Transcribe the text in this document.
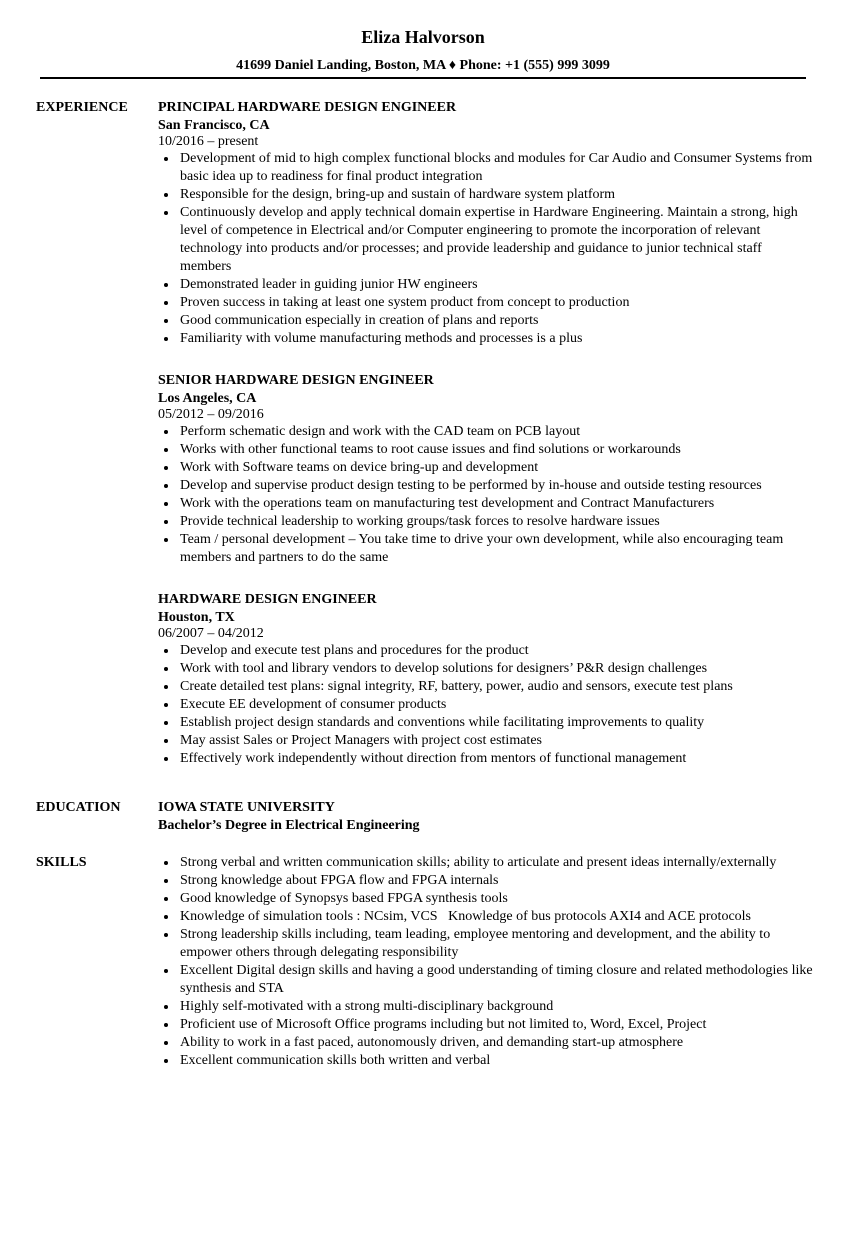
Eliza Halvorson
41699 Daniel Landing, Boston, MA ♦ Phone: +1 (555) 999 3099
EXPERIENCE	PRINCIPAL HARDWARE DESIGN ENGINEER
San Francisco, CA
10/2016 – present
Development of mid to high complex functional blocks and modules for Car Audio and Consumer Systems from basic idea up to readiness for final product integration
Responsible for the design, bring-up and sustain of hardware system platform
Continuously develop and apply technical domain expertise in Hardware Engineering. Maintain a strong, high level of competence in Electrical and/or Computer engineering to promote the incorporation of relevant technology into products and/or processes; and provide leadership and guidance to junior technical staff members
Demonstrated leader in guiding junior HW engineers
Proven success in taking at least one system product from concept to production
Good communication especially in creation of plans and reports
Familiarity with volume manufacturing methods and processes is a plus
SENIOR HARDWARE DESIGN ENGINEER
Los Angeles, CA
05/2012 – 09/2016
Perform schematic design and work with the CAD team on PCB layout
Works with other functional teams to root cause issues and find solutions or workarounds
Work with Software teams on device bring-up and development
Develop and supervise product design testing to be performed by in-house and outside testing resources
Work with the operations team on manufacturing test development and Contract Manufacturers
Provide technical leadership to working groups/task forces to resolve hardware issues
Team / personal development – You take time to drive your own development, while also encouraging team members and partners to do the same
HARDWARE DESIGN ENGINEER
Houston, TX
06/2007 – 04/2012
Develop and execute test plans and procedures for the product
Work with tool and library vendors to develop solutions for designers’ P&R design challenges
Create detailed test plans: signal integrity, RF, battery, power, audio and sensors, execute test plans
Execute EE development of consumer products
Establish project design standards and conventions while facilitating improvements to quality
May assist Sales or Project Managers with project cost estimates
Effectively work independently without direction from mentors of functional management
EDUCATION	IOWA STATE UNIVERSITY
Bachelor’s Degree in Electrical Engineering
SKILLS	Strong verbal and written communication skills; ability to articulate and present ideas internally/externally
Strong knowledge about FPGA flow and FPGA internals
Good knowledge of Synopsys based FPGA synthesis tools
Knowledge of simulation tools : NCsim, VCS   Knowledge of bus protocols AXI4 and ACE protocols
Strong leadership skills including, team leading, employee mentoring and development, and the ability to empower others through delegating responsibility
Excellent Digital design skills and having a good understanding of timing closure and related methodologies like synthesis and STA
Highly self-motivated with a strong multi-disciplinary background
Proficient use of Microsoft Office programs including but not limited to, Word, Excel, Project
Ability to work in a fast paced, autonomously driven, and demanding start-up atmosphere
Excellent communication skills both written and verbal
